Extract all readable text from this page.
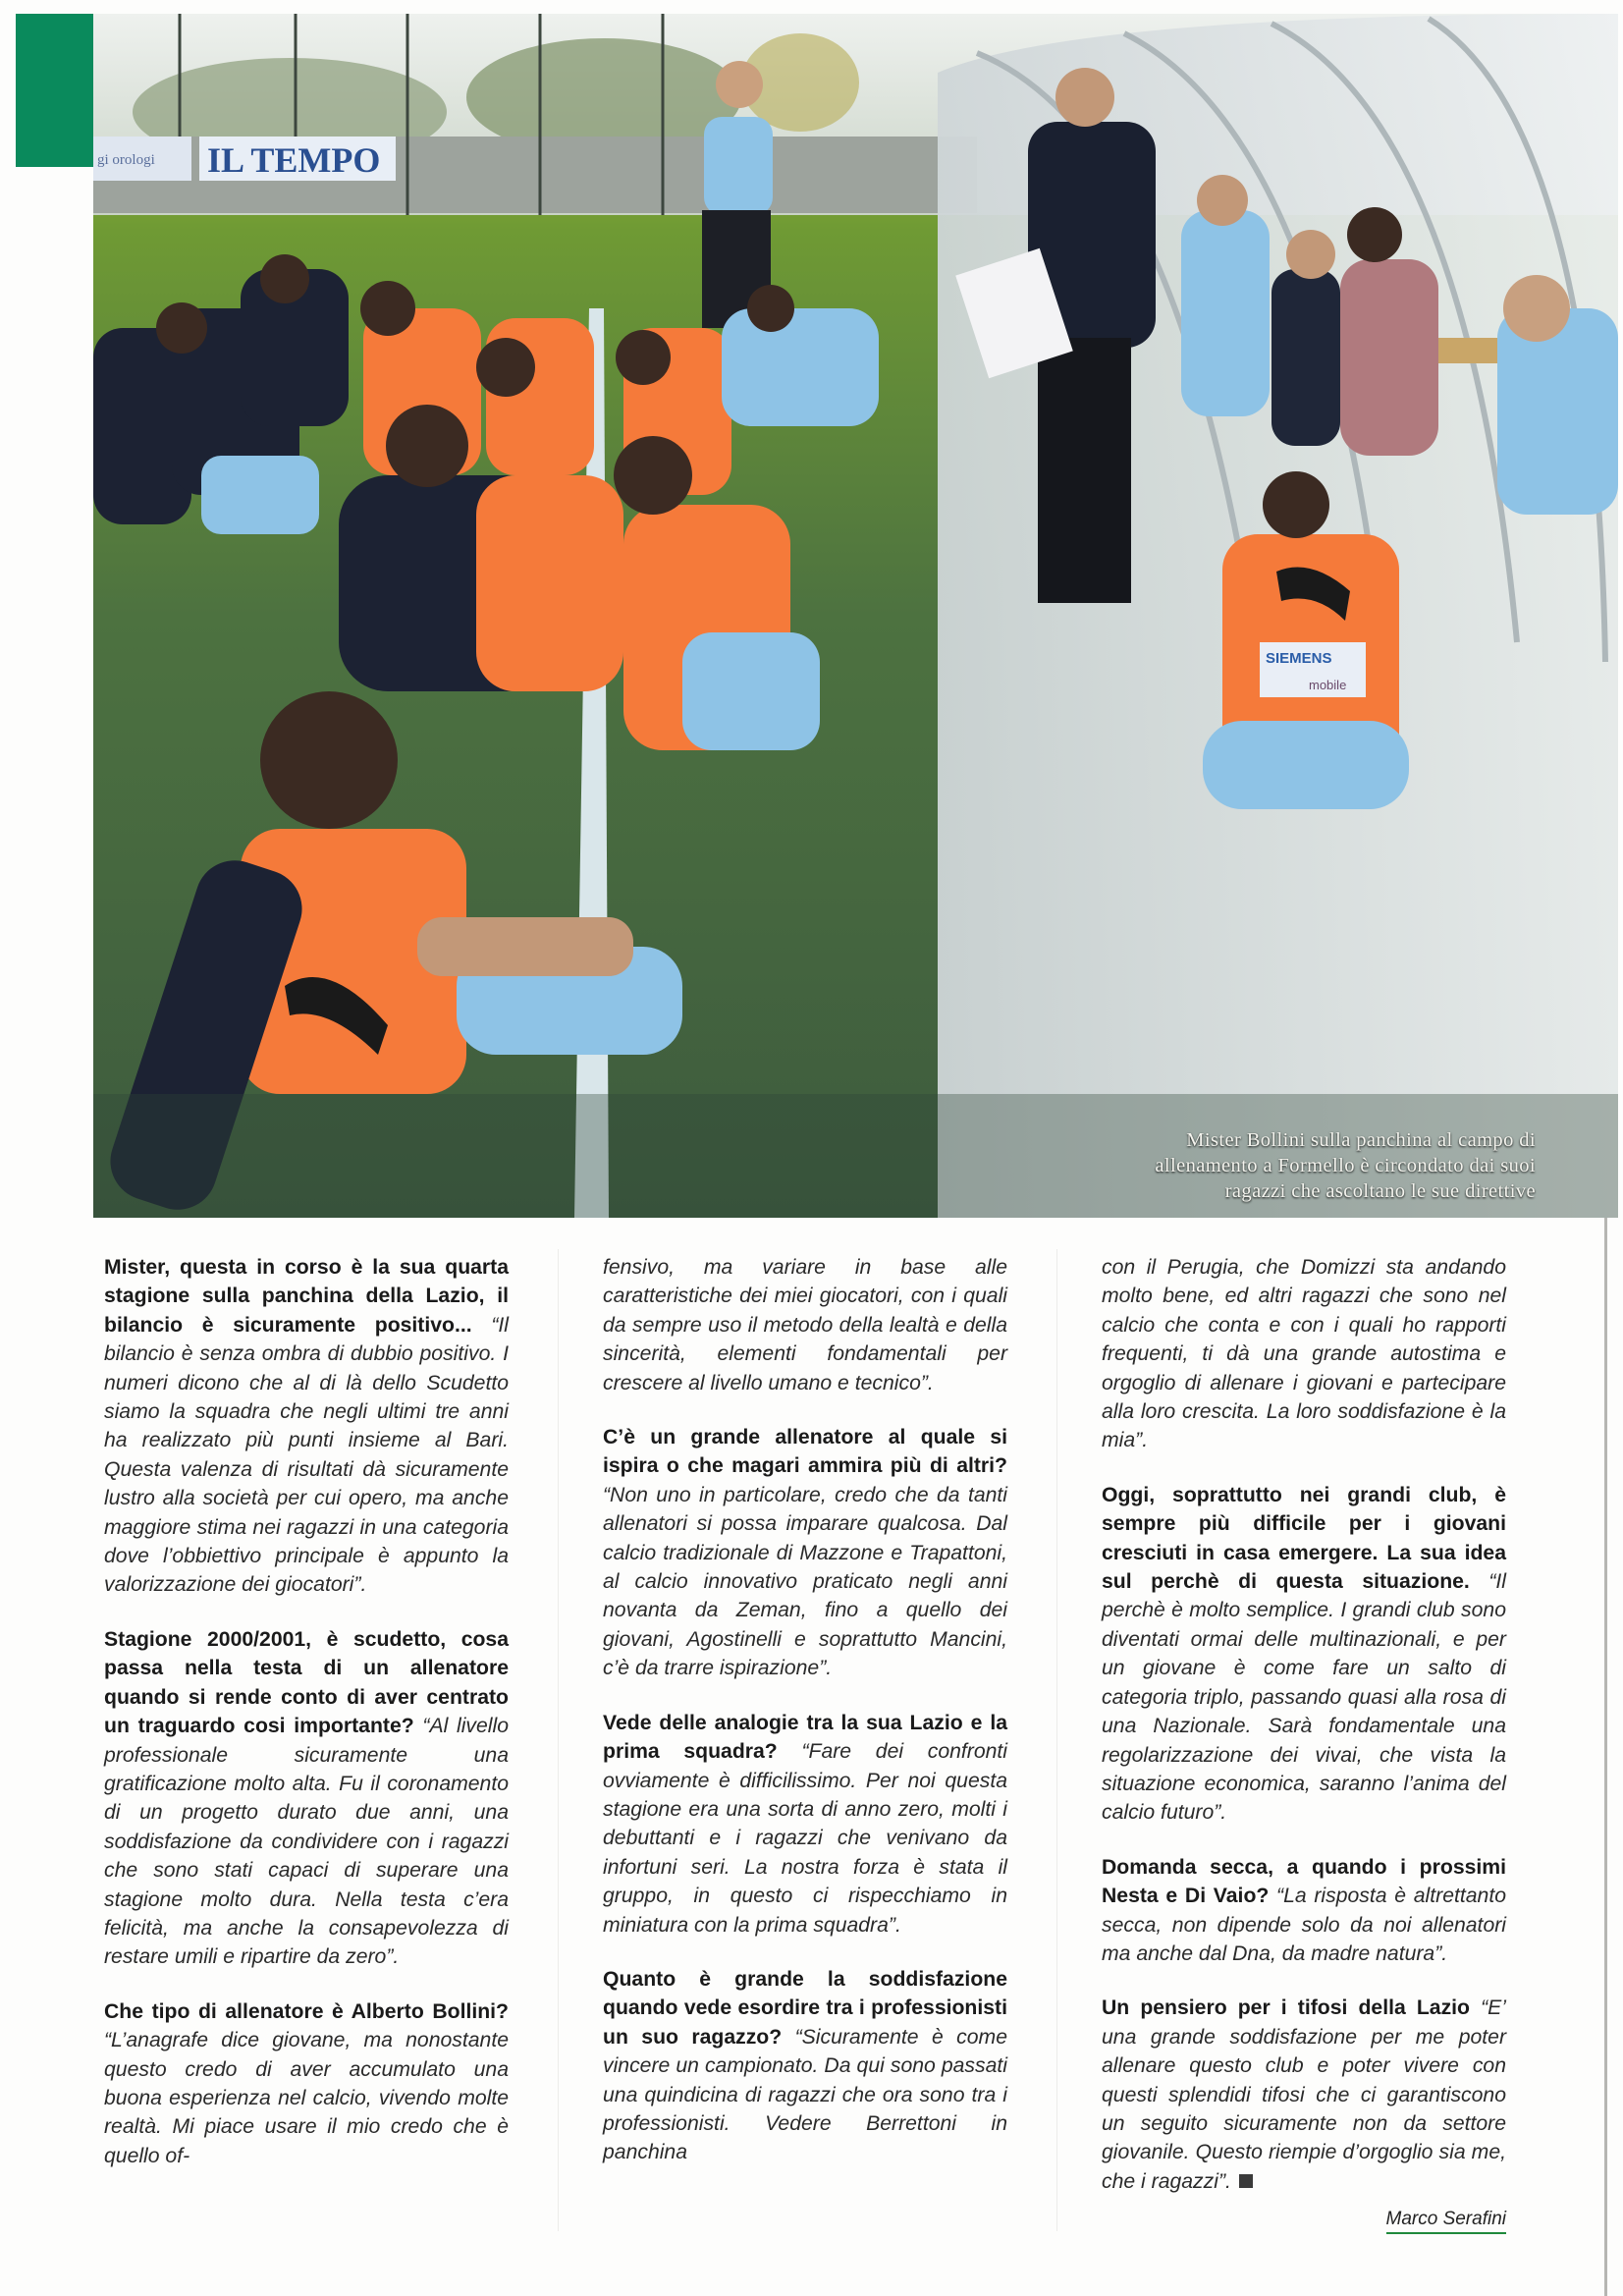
gi orologi IL TEMPO
SIEMENS
mobile
Mister Bollini sulla panchina al campo di
allenamento a Formello è circondato dai suoi
ragazzi che ascoltano le sue direttive

Mister, questa in corso è la sua quarta stagione sulla panchina della Lazio, il bilancio è sicuramente positivo... “Il bilancio è senza ombra di dubbio positivo. I numeri dicono che al di là dello Scudetto siamo la squadra che negli ultimi tre anni ha realizzato più punti insieme al Bari. Questa valenza di risultati dà sicuramente lustro alla società per cui opero, ma anche maggiore stima nei ragazzi in una categoria dove l’obbiettivo principale è appunto la valorizzazione dei giocatori”.

Stagione 2000/2001, è scudetto, cosa passa nella testa di un allenatore quando si rende conto di aver centrato un traguardo cosi importante? “Al livello professionale sicuramente una gratificazione molto alta. Fu il coronamento di un progetto durato due anni, una soddisfazione da condividere con i ragazzi che sono stati capaci di superare una stagione molto dura. Nella testa c’era felicità, ma anche la consapevolezza di restare umili e ripartire da zero”.

Che tipo di allenatore è Alberto Bollini? “L’anagrafe dice giovane, ma nonostante questo credo di aver accumulato una buona esperienza nel calcio, vivendo molte realtà. Mi piace usare il mio credo che è quello of-

fensivo, ma variare in base alle caratteristiche dei miei giocatori, con i quali da sempre uso il metodo della lealtà e della sincerità, elementi fondamentali per crescere al livello umano e tecnico”.

C’è un grande allenatore al quale si ispira o che magari ammira più di altri? “Non uno in particolare, credo che da tanti allenatori si possa imparare qualcosa. Dal calcio tradizionale di Mazzone e Trapattoni, al calcio innovativo praticato negli anni novanta da Zeman, fino a quello dei giovani, Agostinelli e soprattutto Mancini, c’è da trarre ispirazione”.

Vede delle analogie tra la sua Lazio e la prima squadra? “Fare dei confronti ovviamente è difficilissimo. Per noi questa stagione era una sorta di anno zero, molti i debuttanti e i ragazzi che venivano da infortuni seri. La nostra forza è stata il gruppo, in questo ci rispecchiamo in miniatura con la prima squadra”.

Quanto è grande la soddisfazione quando vede esordire tra i professionisti un suo ragazzo? “Sicuramente è come vincere un campionato. Da qui sono passati una quindicina di ragazzi che ora sono tra i professionisti. Vedere Berrettoni in panchina

con il Perugia, che Domizzi sta andando molto bene, ed altri ragazzi che sono nel calcio che conta e con i quali ho rapporti frequenti, ti dà una grande autostima e orgoglio di allenare i giovani e partecipare alla loro crescita. La loro soddisfazione è la mia”.

Oggi, soprattutto nei grandi club, è sempre più difficile per i giovani cresciuti in casa emergere. La sua idea sul perchè di questa situazione. “Il perchè è molto semplice. I grandi club sono diventati ormai delle multinazionali, e per un giovane è come fare un salto di categoria triplo, passando quasi alla rosa di una Nazionale. Sarà fondamentale una regolarizzazione dei vivai, che vista la situazione economica, saranno l’anima del calcio futuro”.

Domanda secca, a quando i prossimi Nesta e Di Vaio? “La risposta è altrettanto secca, non dipende solo da noi allenatori ma anche dal Dna, da madre natura”.

Un pensiero per i tifosi della Lazio “E’ una grande soddisfazione per me poter allenare questo club e poter vivere con questi splendidi tifosi che ci garantiscono un seguito sicuramente non da settore giovanile. Questo riempie d’orgoglio sia me, che i ragazzi”.

Marco Serafini
